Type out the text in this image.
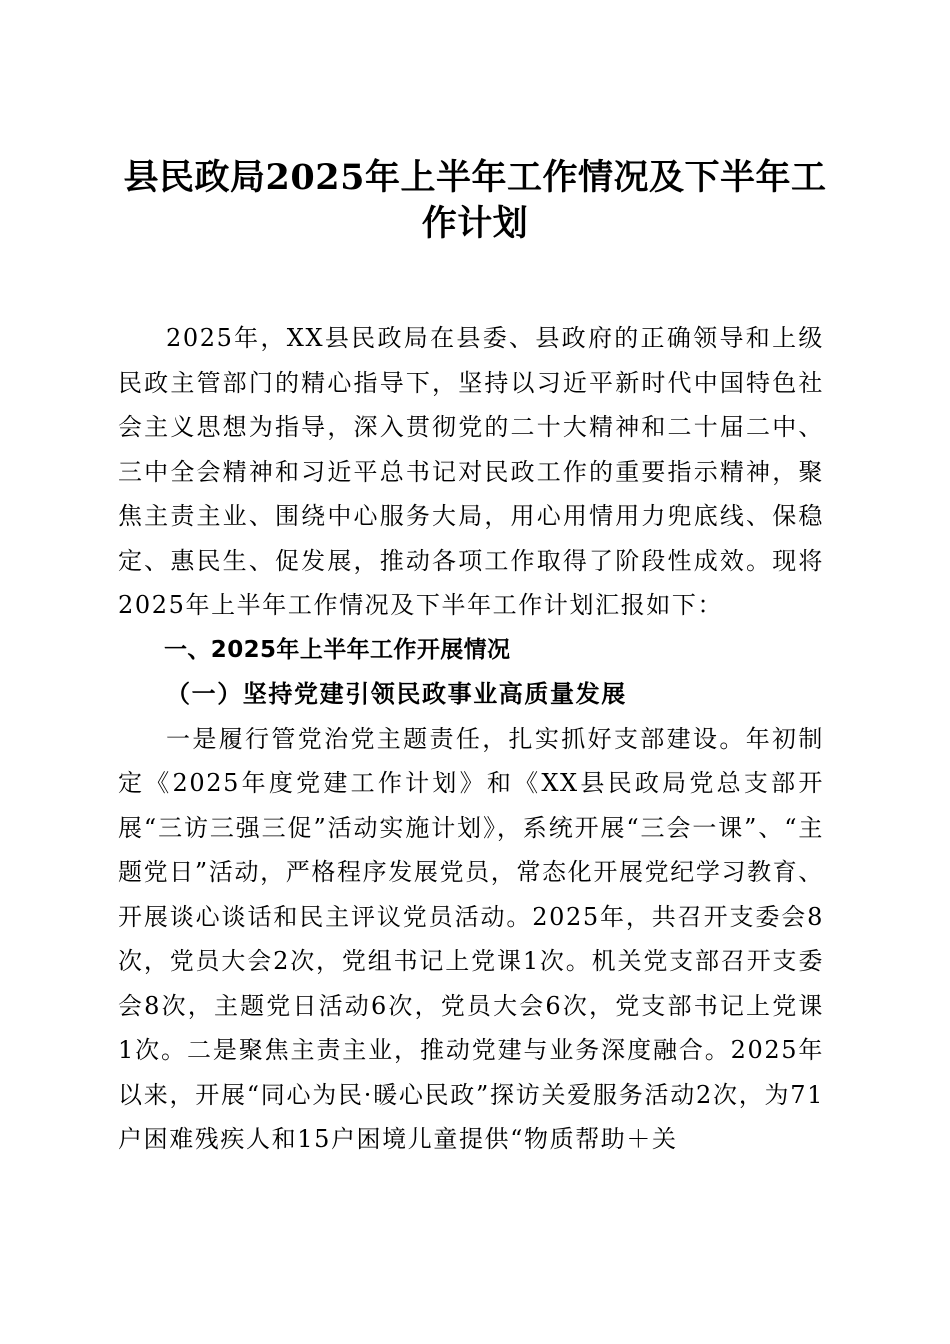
县民政局2025年上半年工作情况及下半年工作计划

2025年，XX县民政局在县委、县政府的正确领导和上级民政主管部门的精心指导下，坚持以习近平新时代中国特色社会主义思想为指导，深入贯彻党的二十大精神和二十届二中、三中全会精神和习近平总书记对民政工作的重要指示精神，聚焦主责主业、围绕中心服务大局，用心用情用力兜底线、保稳定、惠民生、促发展，推动各项工作取得了阶段性成效。现将2025年上半年工作情况及下半年工作计划汇报如下：

一、2025年上半年工作开展情况

（一）坚持党建引领民政事业高质量发展

一是履行管党治党主题责任，扎实抓好支部建设。年初制定《2025年度党建工作计划》和《XX县民政局党总支部开展“三访三强三促”活动实施计划》，系统开展“三会一课”、“主题党日”活动，严格程序发展党员，常态化开展党纪学习教育、开展谈心谈话和民主评议党员活动。2025年，共召开支委会8次，党员大会2次，党组书记上党课1次。机关党支部召开支委会8次，主题党日活动6次，党员大会6次，党支部书记上党课1次。二是聚焦主责主业，推动党建与业务深度融合。2025年以来，开展“同心为民·暖心民政”探访关爱服务活动2次，为71户困难残疾人和15户困境儿童提供“物质帮助＋关
